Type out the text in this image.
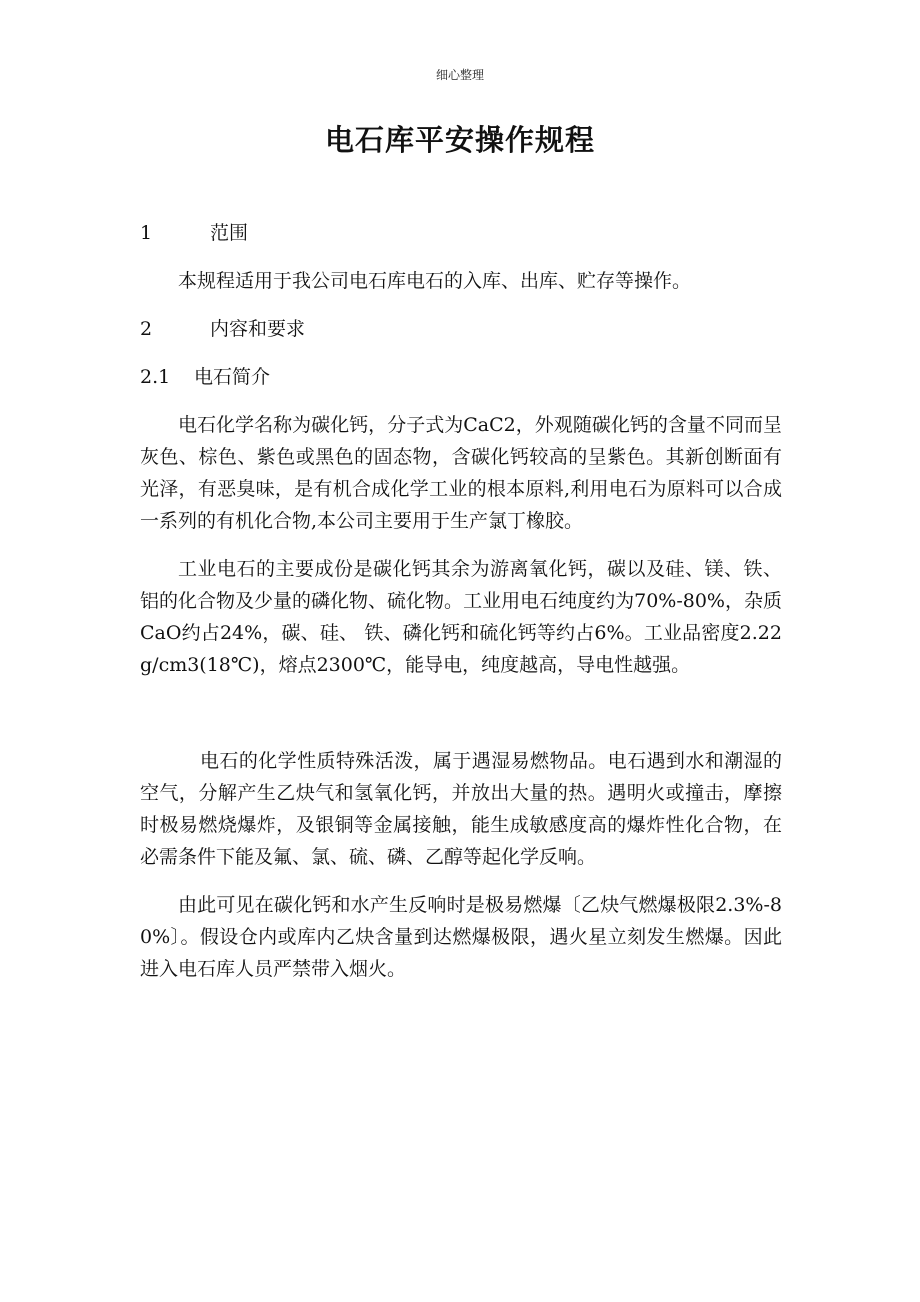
细心整理
电石库平安操作规程
1	范围

本规程适用于我公司电石库电石的入库、出库、贮存等操作。

2	内容和要求
2.1	电石简介

电石化学名称为碳化钙，分子式为CaC2，外观随碳化钙的含量不同而呈灰色、棕色、紫色或黑色的固态物，含碳化钙较高的呈紫色。其新创断面有光泽，有恶臭味，是有机合成化学工业的根本原料,利用电石为原料可以合成一系列的有机化合物,本公司主要用于生产氯丁橡胶。

工业电石的主要成份是碳化钙其余为游离氧化钙，碳以及硅、镁、铁、铝的化合物及少量的磷化物、硫化物。工业用电石纯度约为70%-80%，杂质CaO约占24%，碳、硅、 铁、磷化钙和硫化钙等约占6%。工业品密度2.22g/cm3(18℃)，熔点2300℃，能导电，纯度越高，导电性越强。

电石的化学性质特殊活泼，属于遇湿易燃物品。电石遇到水和潮湿的空气，分解产生乙炔气和氢氧化钙，并放出大量的热。遇明火或撞击，摩擦时极易燃烧爆炸，及银铜等金属接触，能生成敏感度高的爆炸性化合物，在必需条件下能及氟、氯、硫、磷、乙醇等起化学反响。

由此可见在碳化钙和水产生反响时是极易燃爆〔乙炔气燃爆极限2.3%-80%〕。假设仓内或库内乙炔含量到达燃爆极限，遇火星立刻发生燃爆。因此进入电石库人员严禁带入烟火。
